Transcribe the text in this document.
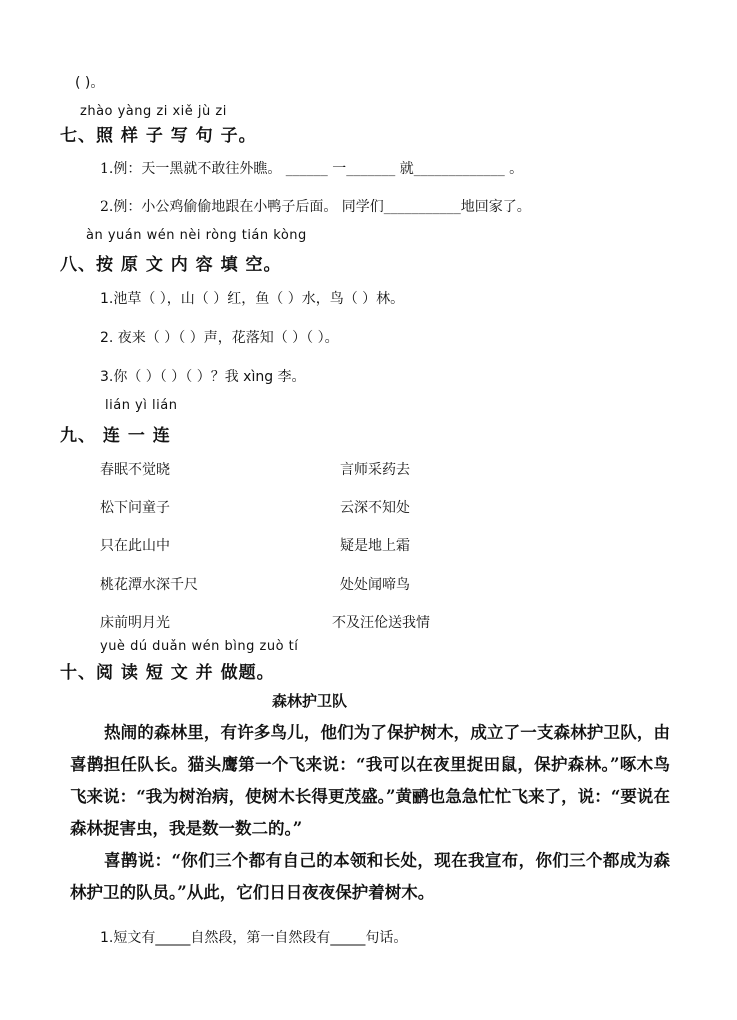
( )。
zhào yàng zi xiě jù zi
七、照 样 子 写 句 子。
1.例：天一黑就不敢往外瞧。 ______ 一_______ 就_____________ 。
2.例：小公鸡偷偷地跟在小鸭子后面。 同学们___________地回家了。
àn yuán wén nèi ròng tián kòng
八、按 原 文 内 容 填 空。
1.池草（ ），山（ ）红，鱼（ ）水，鸟（ ）林。
2. 夜来（ ）（ ）声，花落知（ ）（ ）。
3.你（ ）（ ）（ ）？我 xìng 李。
lián yì lián
九、 连 一 连
春眠不觉晓
松下问童子
只在此山中
桃花潭水深千尺
床前明月光
言师采药去
云深不知处
疑是地上霜
处处闻啼鸟
不及汪伦送我情
yuè dú duǎn wén bìng zuò tí
十、阅 读 短 文 并 做题。
森林护卫队
热闹的森林里，有许多鸟儿，他们为了保护树木，成立了一支森林护卫队，由喜鹊担任队长。猫头鹰第一个飞来说：“我可以在夜里捉田鼠，保护森林。”啄木鸟飞来说：“我为树治病，使树木长得更茂盛。”黄鹂也急急忙忙飞来了，说：“要说在森林捉害虫，我是数一数二的。”
喜鹊说：“你们三个都有自己的本领和长处，现在我宣布，你们三个都成为森林护卫的队员。”从此，它们日日夜夜保护着树木。
1.短文有_____自然段，第一自然段有_____句话。
